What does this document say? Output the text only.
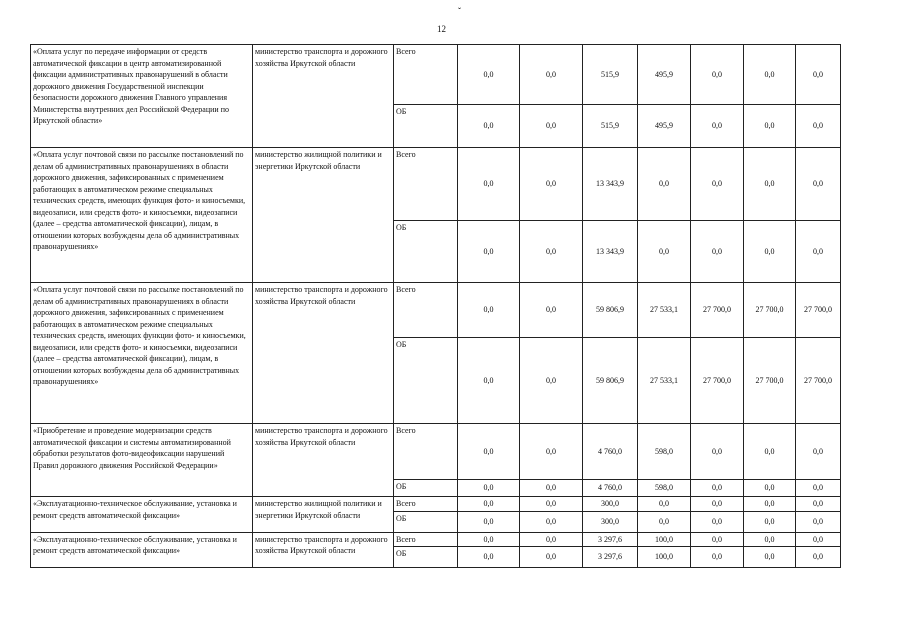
ˇ
12
«Оплата услуг по передаче информации от средств автоматической фиксации в центр автоматизированной фиксации административных правонарушений в области дорожного движения Государственной инспекции безопасности дорожного движения Главного управления Министерства внутренних дел Российской Федерации по Иркутской области»	министерство транспорта и дорожного хозяйства Иркутской области	Всего	0,0	0,0	515,9	495,9	0,0	0,0	0,0
		ОБ	0,0	0,0	515,9	495,9	0,0	0,0	0,0
«Оплата услуг почтовой связи по рассылке постановлений по делам об административных правонарушениях в области дорожного движения, зафиксированных с применением работающих в автоматическом режиме специальных технических средств, имеющих функция фото- и киносъемки, видеозаписи, или средств фото- и киносъемки, видеозаписи (далее – средства автоматической фиксации), лицам, в отношении которых возбуждены дела об административных правонарушениях»	министерство жилищной политики и энергетики Иркутской области	Всего	0,0	0,0	13 343,9	0,0	0,0	0,0	0,0
		ОБ	0,0	0,0	13 343,9	0,0	0,0	0,0	0,0
«Оплата услуг почтовой связи по рассылке постановлений по делам об административных правонарушениях в области дорожного движения, зафиксированных с применением работающих в автоматическом режиме специальных технических средств, имеющих функции фото- и киносъемки, видеозаписи, или средств фото- и киносъемки, видеозаписи (далее – средства автоматической фиксации), лицам, в отношении которых возбуждены дела об административных правонарушениях»	министерство транспорта и дорожного хозяйства Иркутской области	Всего	0,0	0,0	59 806,9	27 533,1	27 700,0	27 700,0	27 700,0
		ОБ	0,0	0,0	59 806,9	27 533,1	27 700,0	27 700,0	27 700,0
«Приобретение и проведение модернизации средств автоматической фиксации и системы автоматизированной обработки результатов фото-видеофиксации нарушений Правил дорожного движения Российской Федерации»	министерство транспорта и дорожного хозяйства Иркутской области	Всего	0,0	0,0	4 760,0	598,0	0,0	0,0	0,0
		ОБ	0,0	0,0	4 760,0	598,0	0,0	0,0	0,0
«Эксплуатационно-техническое обслуживание, установка и ремонт средств автоматической фиксации»	министерство жилищной политики и энергетики Иркутской области	Всего	0,0	0,0	300,0	0,0	0,0	0,0	0,0
		ОБ	0,0	0,0	300,0	0,0	0,0	0,0	0,0
«Эксплуатационно-техническое обслуживание, установка и ремонт средств автоматической фиксации»	министерство транспорта и дорожного хозяйства Иркутской области	Всего	0,0	0,0	3 297,6	100,0	0,0	0,0	0,0
		ОБ	0,0	0,0	3 297,6	100,0	0,0	0,0	0,0
